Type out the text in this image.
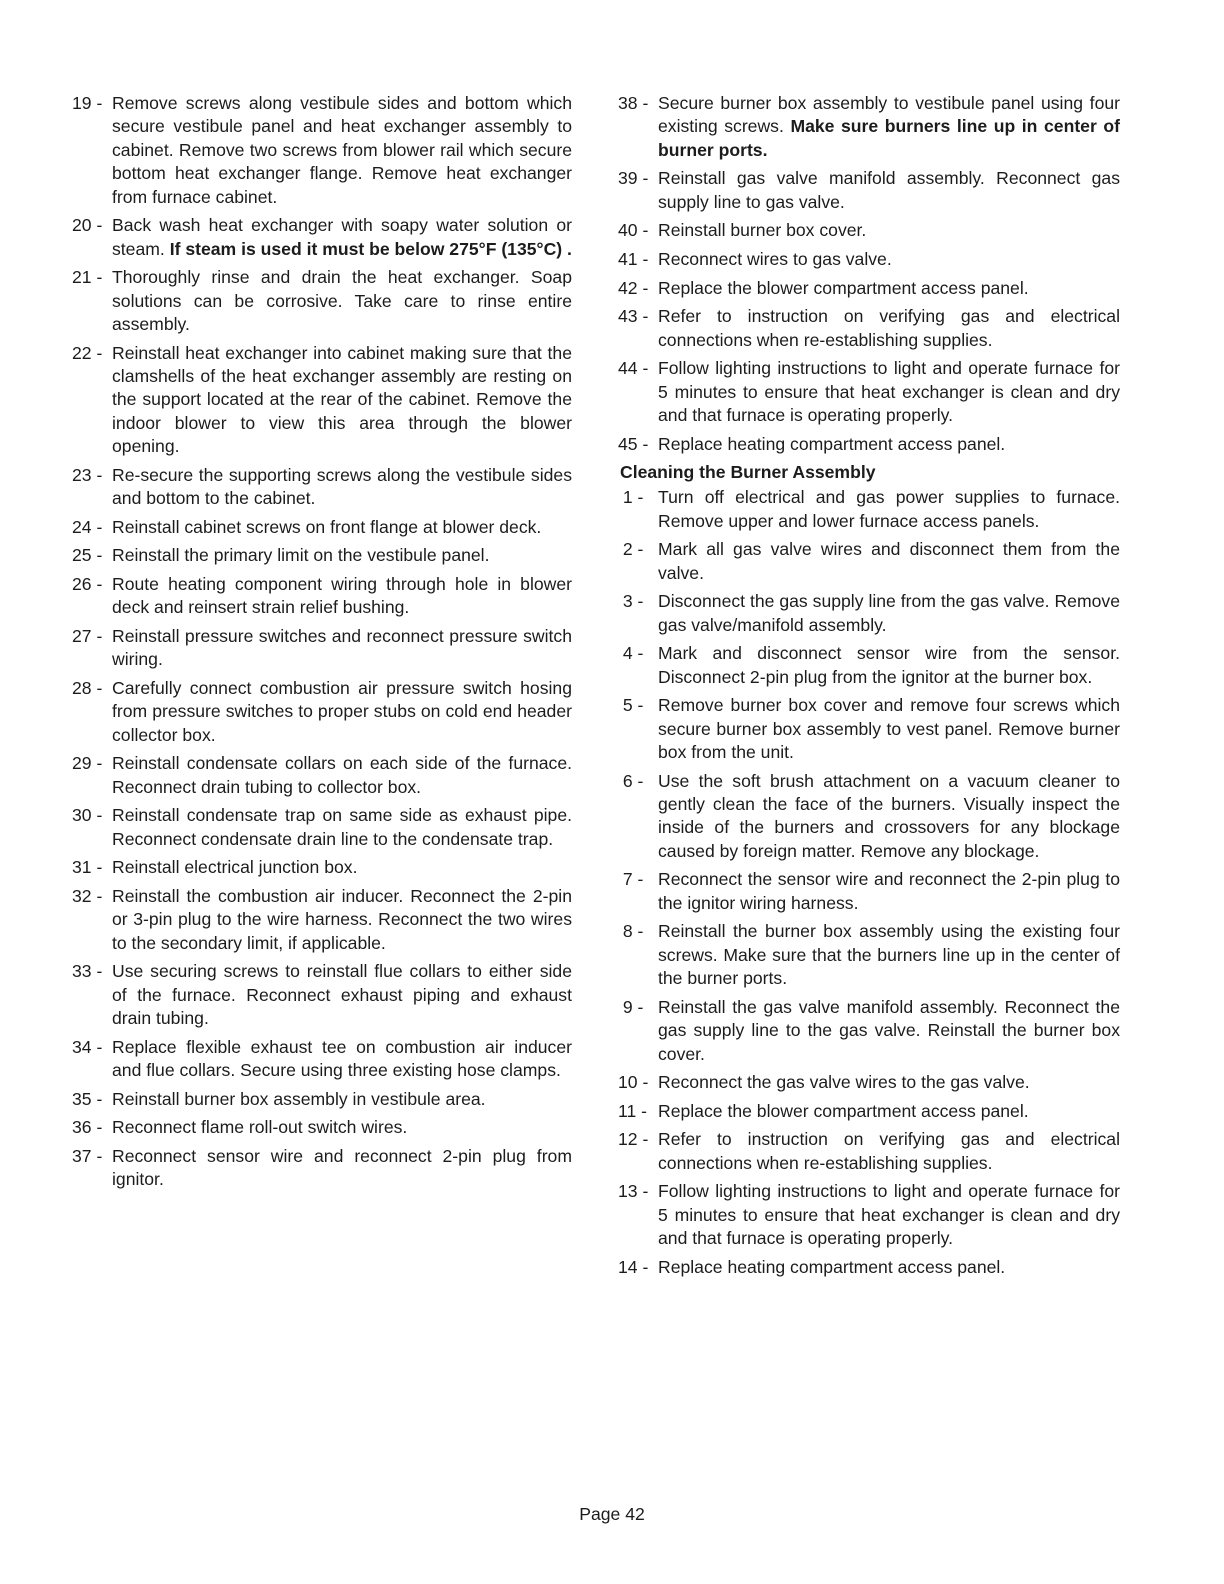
19 - Remove screws along vestibule sides and bottom which secure vestibule panel and heat exchanger assembly to cabinet. Remove two screws from blower rail which secure bottom heat exchanger flange. Remove heat exchanger from furnace cabinet.
20 - Back wash heat exchanger with soapy water solution or steam. If steam is used it must be below 275°F (135°C) .
21 - Thoroughly rinse and drain the heat exchanger. Soap solutions can be corrosive. Take care to rinse entire assembly.
22 - Reinstall heat exchanger into cabinet making sure that the clamshells of the heat exchanger assembly are resting on the support located at the rear of the cabinet. Remove the indoor blower to view this area through the blower opening.
23 - Re-secure the supporting screws along the vestibule sides and bottom to the cabinet.
24 - Reinstall cabinet screws on front flange at blower deck.
25 - Reinstall the primary limit on the vestibule panel.
26 - Route heating component wiring through hole in blower deck and reinsert strain relief bushing.
27 - Reinstall pressure switches and reconnect pressure switch wiring.
28 - Carefully connect combustion air pressure switch hosing from pressure switches to proper stubs on cold end header collector box.
29 - Reinstall condensate collars on each side of the furnace. Reconnect drain tubing to collector box.
30 - Reinstall condensate trap on same side as exhaust pipe. Reconnect condensate drain line to the condensate trap.
31 - Reinstall electrical junction box.
32 - Reinstall the combustion air inducer. Reconnect the 2-pin or 3-pin plug to the wire harness. Reconnect the two wires to the secondary limit, if applicable.
33 - Use securing screws to reinstall flue collars to either side of the furnace. Reconnect exhaust piping and exhaust drain tubing.
34 - Replace flexible exhaust tee on combustion air inducer and flue collars. Secure using three existing hose clamps.
35 - Reinstall burner box assembly in vestibule area.
36 - Reconnect flame roll-out switch wires.
37 - Reconnect sensor wire and reconnect 2-pin plug from ignitor.
38 - Secure burner box assembly to vestibule panel using four existing screws. Make sure burners line up in center of burner ports.
39 - Reinstall gas valve manifold assembly. Reconnect gas supply line to gas valve.
40 - Reinstall burner box cover.
41 - Reconnect wires to gas valve.
42 - Replace the blower compartment access panel.
43 - Refer to instruction on verifying gas and electrical connections when re-establishing supplies.
44 - Follow lighting instructions to light and operate furnace for 5 minutes to ensure that heat exchanger is clean and dry and that furnace is operating properly.
45 - Replace heating compartment access panel.
Cleaning the Burner Assembly
1 - Turn off electrical and gas power supplies to furnace. Remove upper and lower furnace access panels.
2 - Mark all gas valve wires and disconnect them from the valve.
3 - Disconnect the gas supply line from the gas valve. Remove gas valve/manifold assembly.
4 - Mark and disconnect sensor wire from the sensor. Disconnect 2-pin plug from the ignitor at the burner box.
5 - Remove burner box cover and remove four screws which secure burner box assembly to vest panel. Remove burner box from the unit.
6 - Use the soft brush attachment on a vacuum cleaner to gently clean the face of the burners. Visually inspect the inside of the burners and crossovers for any blockage caused by foreign matter. Remove any blockage.
7 - Reconnect the sensor wire and reconnect the 2-pin plug to the ignitor wiring harness.
8 - Reinstall the burner box assembly using the existing four screws. Make sure that the burners line up in the center of the burner ports.
9 - Reinstall the gas valve manifold assembly. Reconnect the gas supply line to the gas valve. Reinstall the burner box cover.
10 - Reconnect the gas valve wires to the gas valve.
11 - Replace the blower compartment access panel.
12 - Refer to instruction on verifying gas and electrical connections when re-establishing supplies.
13 - Follow lighting instructions to light and operate furnace for 5 minutes to ensure that heat exchanger is clean and dry and that furnace is operating properly.
14 - Replace heating compartment access panel.
Page 42
